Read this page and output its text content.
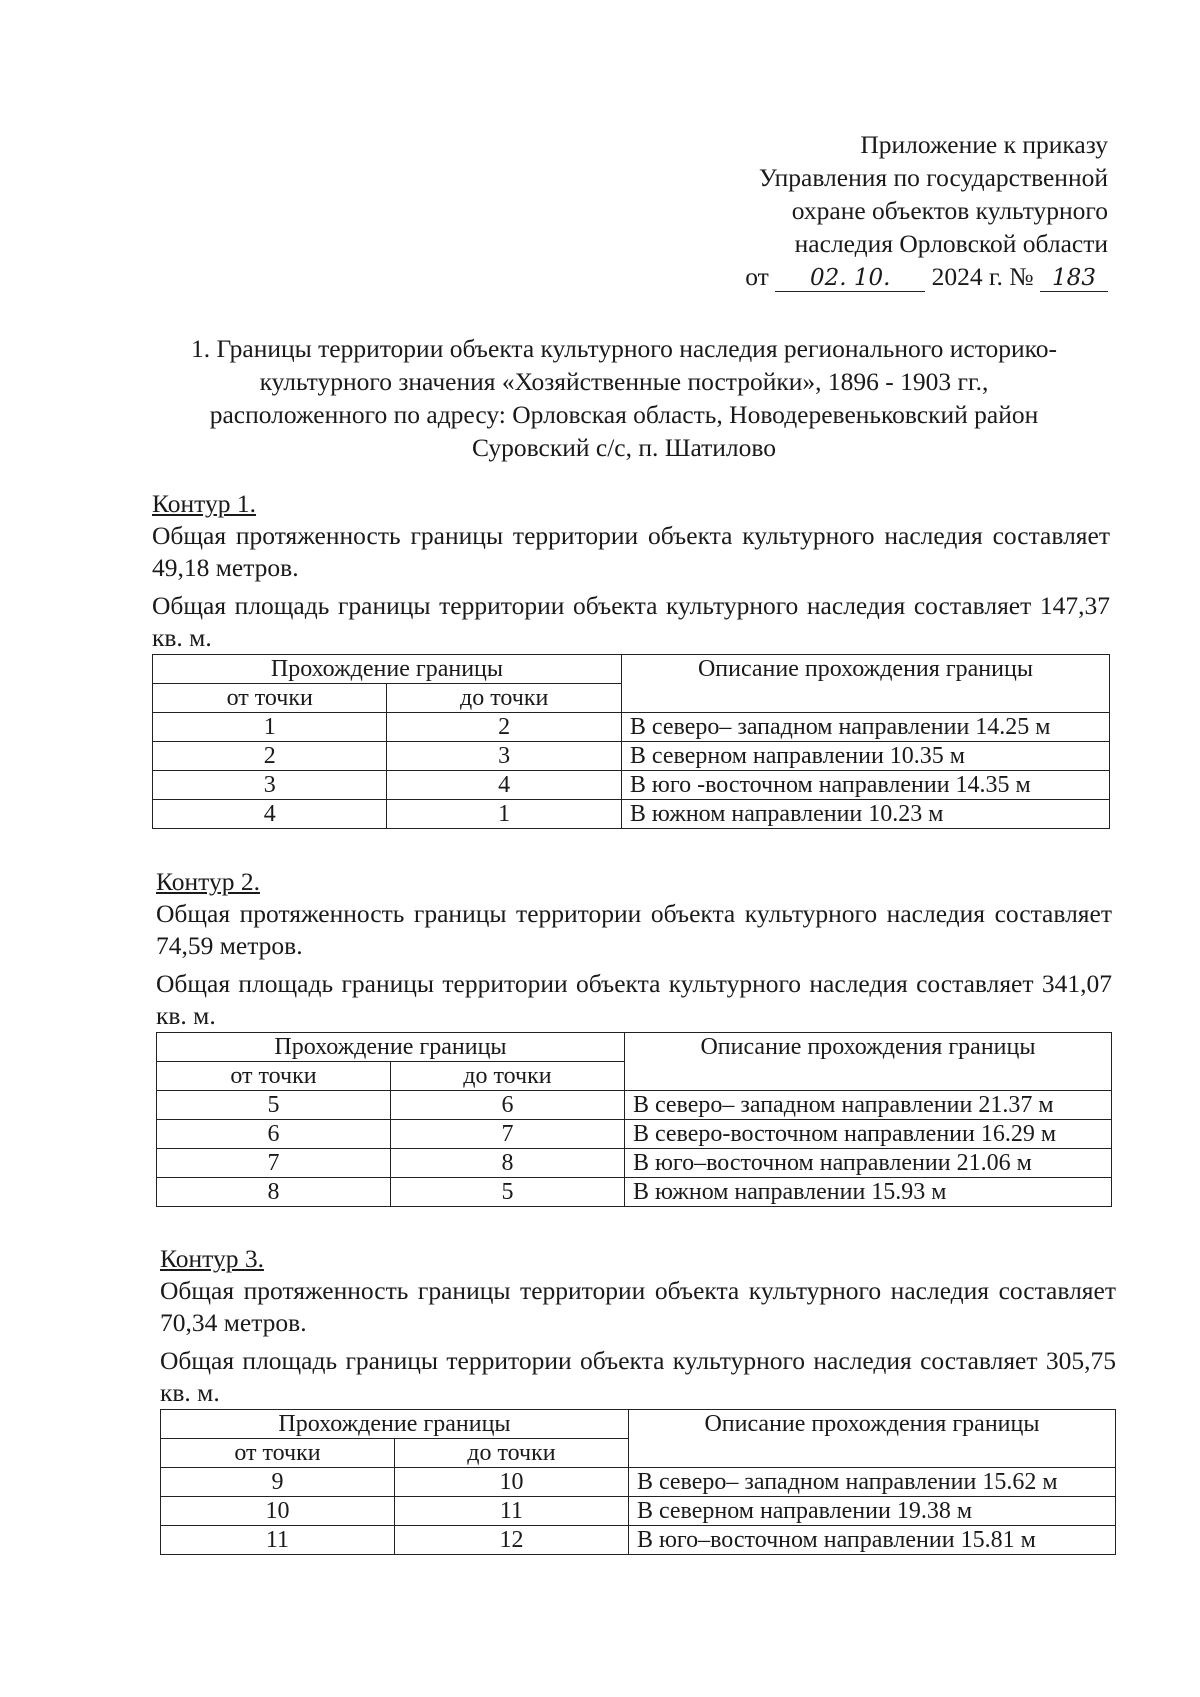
Приложение к приказу
Управления по государственной
охране объектов культурного
наследия Орловской области
от 02. 10. 2024 г. № 183
1. Границы территории объекта культурного наследия регионального историко-
культурного значения «Хозяйственные постройки», 1896 - 1903 гг.,
расположенного по адресу: Орловская область, Новодеревеньковский район
Суровский с/с, п. Шатилово
Контур 1.

Общая протяженность границы территории объекта культурного наследия составляет 49,18 метров.

Общая площадь границы территории объекта культурного наследия составляет 147,37 кв. м.

Прохождение границы		Описание прохождения границы
от точки	до точки	
1	2	В северо– западном направлении 14.25 м
2	3	В северном направлении 10.35 м
3	4	В юго -восточном направлении 14.35 м
4	1	В южном направлении 10.23 м
Контур 2.

Общая протяженность границы территории объекта культурного наследия составляет 74,59 метров.

Общая площадь границы территории объекта культурного наследия составляет 341,07 кв. м.

Прохождение границы		Описание прохождения границы
от точки	до точки	
5	6	В северо– западном направлении 21.37 м
6	7	В северо-восточном направлении 16.29 м
7	8	В юго–восточном направлении 21.06 м
8	5	В южном направлении 15.93 м
Контур 3.

Общая протяженность границы территории объекта культурного наследия составляет 70,34 метров.

Общая площадь границы территории объекта культурного наследия составляет 305,75 кв. м.

Прохождение границы		Описание прохождения границы
от точки	до точки	
9	10	В северо– западном направлении 15.62 м
10	11	В северном направлении 19.38 м
11	12	В юго–восточном направлении 15.81 м
